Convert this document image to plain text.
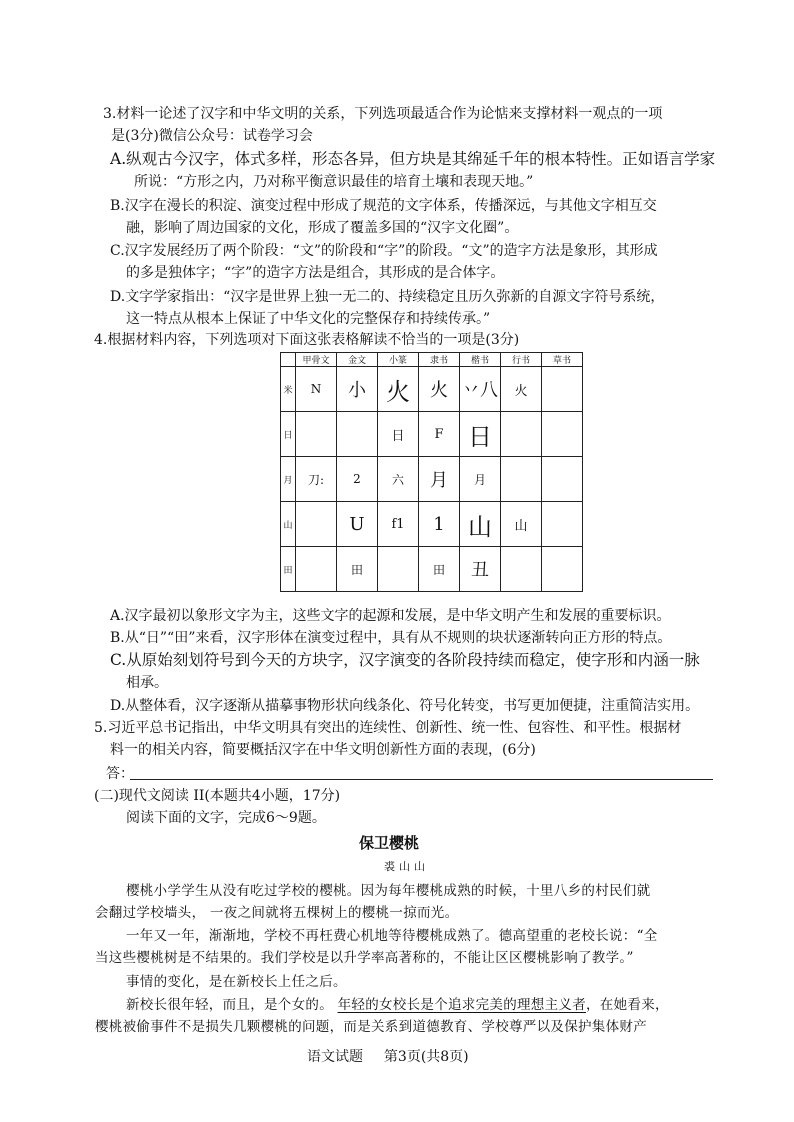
3.材料一论述了汉字和中华文明的关系，下列选项最适合作为论惦来支撑材料一观点的一项
是(3分)微信公众号：试卷学习会
A.纵观古今汉字，体式多样，形态各异，但方块是其绵延千年的根本特性。正如语言学家
所说：“方形之内，乃对称平衡意识最佳的培育土壤和表现天地。”
B.汉字在漫长的积淀、演变过程中形成了规范的文字体系，传播深远，与其他文字相互交
融，影响了周边国家的文化，形成了覆盖多国的“汉字文化圈”。
C.汉字发展经历了两个阶段：“文”的阶段和“字”的阶段。“文”的造字方法是象形，其形成
的多是独体字；“字”的造字方法是组合，其形成的是合体字。
D.文字学家指出：“汉字是世界上独一无二的、持续稳定且历久弥新的自源文字符号系统，
这一特点从根本上保证了中华文化的完整保存和持续传承。”
4.根据材料内容，下列选项对下面这张表格解读不恰当的一项是(3分)
	甲骨文	金文	小篆	隶书	楷书	行书	草书
米	N	小	火	火	丷八	火	
日			日	F	日		
月	刀:	2	六	月	月		
山		U	f1	1	山	山	
田		田		田	丑		
A.汉字最初以象形文字为主，这些文字的起源和发展，是中华文明产生和发展的重要标识。
B.从“日”“田”来看，汉字形体在演变过程中，具有从不规则的块状逐渐转向正方形的特点。
C.从原始刻划符号到今天的方块字，汉字演变的各阶段持续而稳定，使字形和内涵一脉
相承。
D.从整体看，汉字逐渐从描摹事物形状向线条化、符号化转变，书写更加便捷，注重简洁实用。
5.习近平总书记指出，中华文明具有突出的连续性、创新性、统一性、包容性、和平性。根据材
料一的相关内容，简要概括汉字在中华文明创新性方面的表现，(6分)
答：
(二)现代文阅读 II(本题共4小题，17分)
阅读下面的文字，完成6～9题。
保卫樱桃
裘山山
樱桃小学学生从没有吃过学校的樱桃。因为每年樱桃成熟的时候，十里八乡的村民们就
会翻过学校墙头， 一夜之间就将五棵树上的樱桃一掠而光。
一年又一年，渐渐地，学校不再枉费心机地等待樱桃成熟了。德高望重的老校长说：“全
当这些樱桃树是不结果的。我们学校是以升学率高著称的，不能让区区樱桃影响了教学。”
事情的变化，是在新校长上任之后。
新校长很年轻，而且，是个女的。 年轻的女校长是个追求完美的理想主义者，在她看来，
樱桃被偷事件不是损失几颗樱桃的问题，而是关系到道德教育、学校尊严以及保护集体财产
语文试题 第3页(共8页)
